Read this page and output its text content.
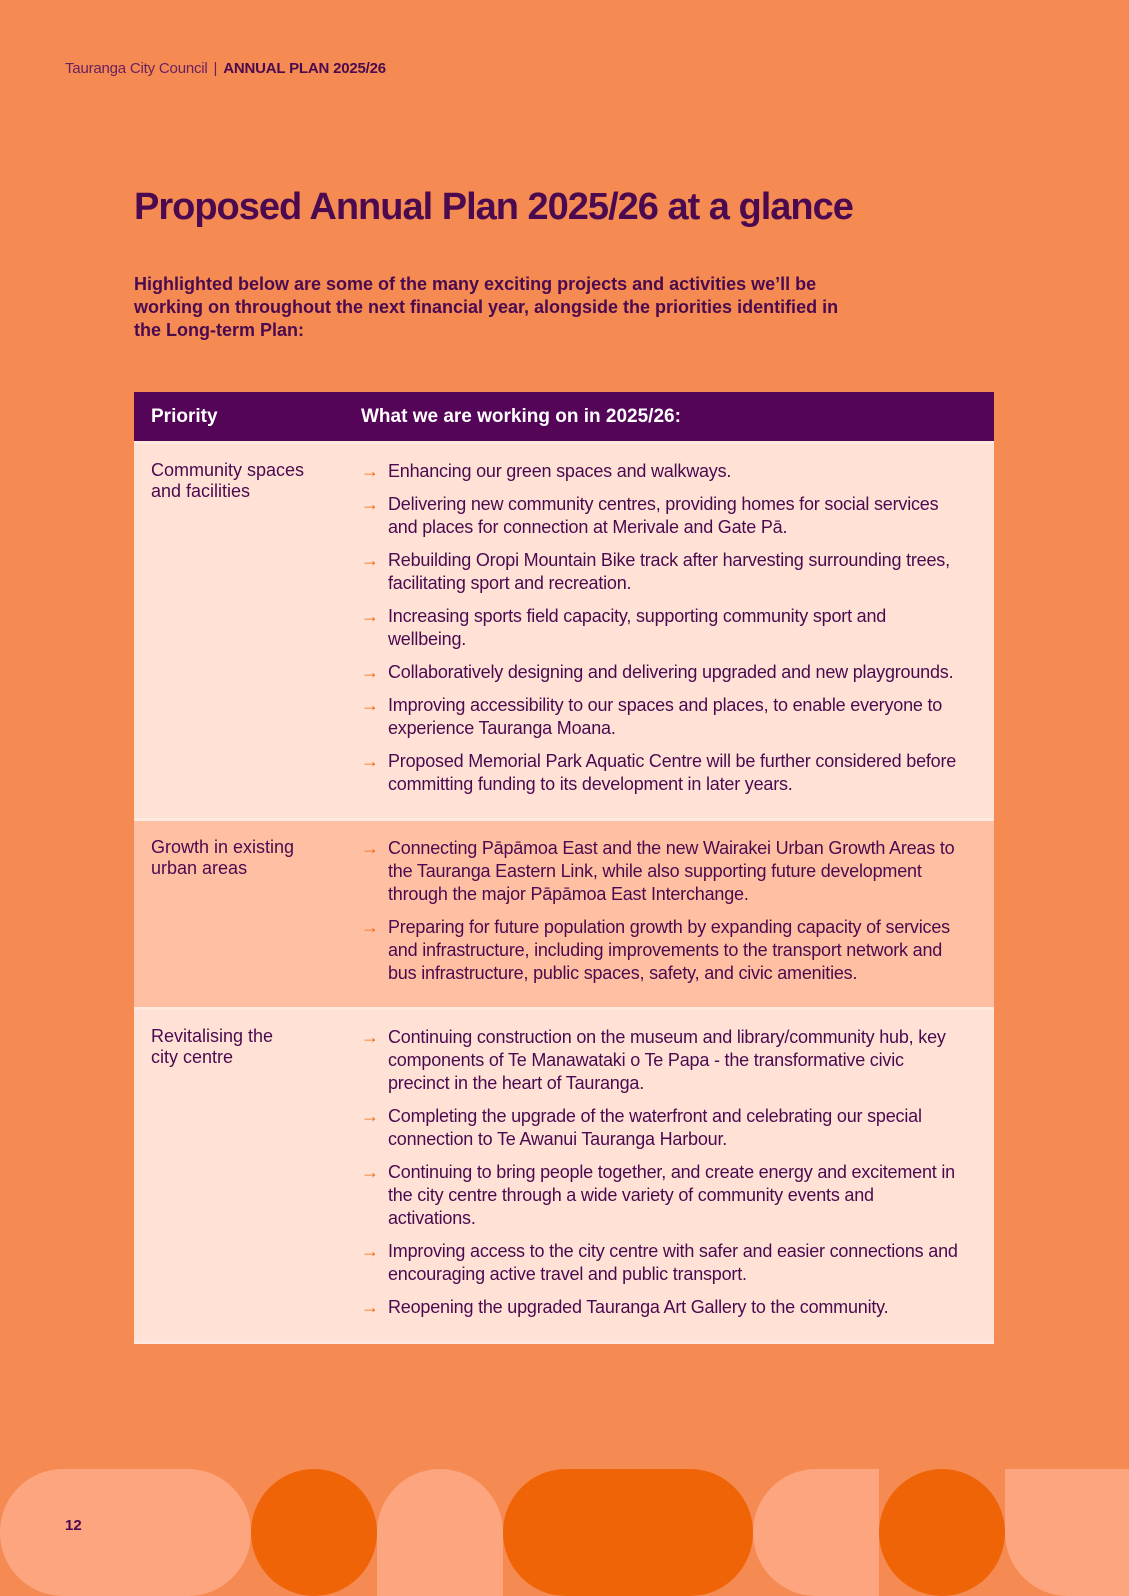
Tauranga City Council | ANNUAL PLAN 2025/26
Proposed Annual Plan 2025/26 at a glance

Highlighted below are some of the many exciting projects and activities we’ll be working on throughout the next financial year, alongside the priorities identified in the Long-term Plan:

Priority	What we are working on in 2025/26:
Community spaces
and facilities
→ Enhancing our green spaces and walkways.
→ Delivering new community centres, providing homes for social services and places for connection at Merivale and Gate Pā.
→ Rebuilding Oropi Mountain Bike track after harvesting surrounding trees, facilitating sport and recreation.
→ Increasing sports field capacity, supporting community sport and wellbeing.
→ Collaboratively designing and delivering upgraded and new playgrounds.
→ Improving accessibility to our spaces and places, to enable everyone to experience Tauranga Moana.
→ Proposed Memorial Park Aquatic Centre will be further considered before committing funding to its development in later years.
Growth in existing
urban areas
→ Connecting Pāpāmoa East and the new Wairakei Urban Growth Areas to the Tauranga Eastern Link, while also supporting future development through the major Pāpāmoa East Interchange.
→ Preparing for future population growth by expanding capacity of services and infrastructure, including improvements to the transport network and bus infrastructure, public spaces, safety, and civic amenities.
Revitalising the
city centre
→ Continuing construction on the museum and library/community hub, key components of Te Manawataki o Te Papa - the transformative civic precinct in the heart of Tauranga.
→ Completing the upgrade of the waterfront and celebrating our special connection to Te Awanui Tauranga Harbour.
→ Continuing to bring people together, and create energy and excitement in the city centre through a wide variety of community events and activations.
→ Improving access to the city centre with safer and easier connections and encouraging active travel and public transport.
→ Reopening the upgraded Tauranga Art Gallery to the community.
12
